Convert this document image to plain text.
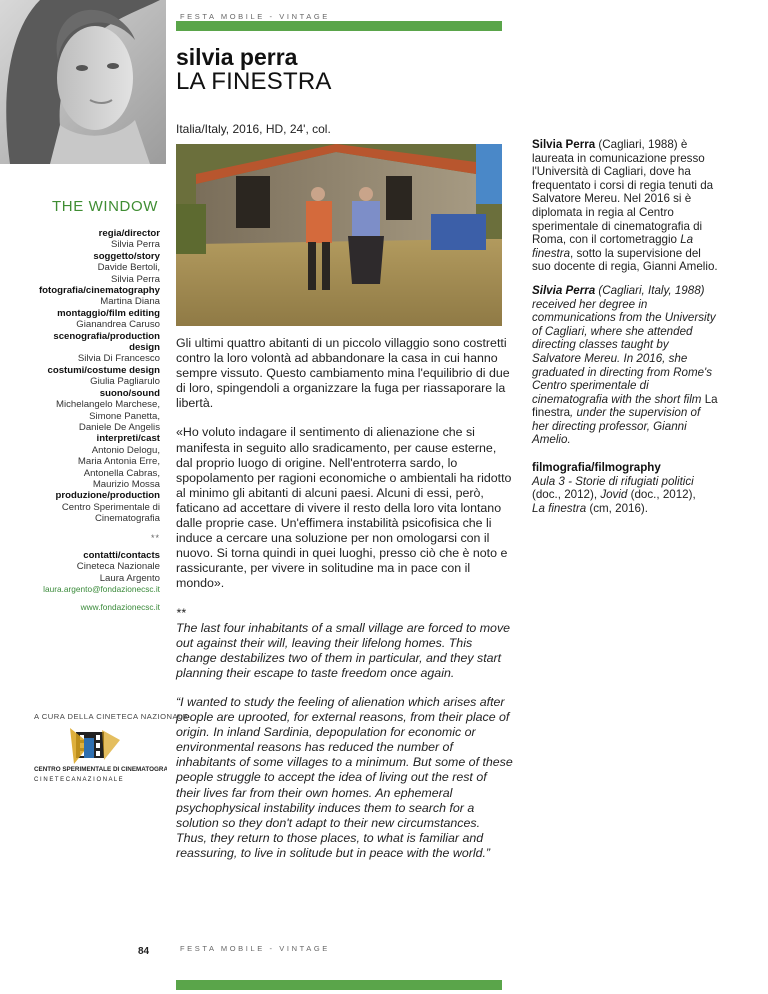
FESTA MOBILE - VINTAGE
silvia perra
LA FINESTRA
Italia/Italy, 2016, HD, 24', col.
THE WINDOW
regia/director
Silvia Perra
soggetto/story
Davide Bertoli,
Silvia Perra
fotografia/cinematography
Martina Diana
montaggio/film editing
Gianandrea Caruso
scenografia/production
design
Silvia Di Francesco
costumi/costume design
Giulia Pagliarulo
suono/sound
Michelangelo Marchese,
Simone Panetta,
Daniele De Angelis
interpreti/cast
Antonio Delogu,
Maria Antonia Erre,
Antonella Cabras,
Maurizio Mossa
produzione/production
Centro Sperimentale di
Cinematografia
**
contatti/contacts
Cineteca Nazionale
Laura Argento
laura.argento@fondazionecsc.it
www.fondazionecsc.it

Gli ultimi quattro abitanti di un piccolo villaggio sono costretti contro la loro volontà ad abbandonare la casa in cui hanno sempre vissuto. Questo cambiamento mina l'equilibrio di due di loro, spingendoli a organizzare la fuga per riassaporare la libertà.

«Ho voluto indagare il sentimento di alienazione che si manifesta in seguito allo sradicamento, per cause esterne, dal proprio luogo di origine. Nell'entroterra sardo, lo spopolamento per ragioni economiche o ambientali ha ridotto al minimo gli abitanti di alcuni paesi. Alcuni di essi, però, faticano ad accettare di vivere il resto della loro vita lontano dalle proprie case. Un'effimera instabilità psicofisica che li induce a cercare una soluzione per non omologarsi con il nuovo. Si torna quindi in quei luoghi, presso ciò che è noto e rassicurante, per vivere in solitudine ma in pace con il mondo».

**

The last four inhabitants of a small village are forced to move out against their will, leaving their lifelong homes. This change destabilizes two of them in particular, and they start planning their escape to taste freedom once again.

“I wanted to study the feeling of alienation which arises after people are uprooted, for external reasons, from their place of origin. In inland Sardinia, depopulation for economic or environmental reasons has reduced the number of inhabitants of some villages to a minimum. But some of these people struggle to accept the idea of living out the rest of their lives far from their own homes. An ephemeral psychophysical instability induces them to search for a solution so they don't adapt to their new circumstances. Thus, they return to those places, to what is familiar and reassuring, to live in solitude but in peace with the world.”

Silvia Perra (Cagliari, 1988) è laureata in comunicazione presso l'Università di Cagliari, dove ha frequentato i corsi di regia tenuti da Salvatore Mereu. Nel 2016 si è diplomata in regia al Centro sperimentale di cinematografia di Roma, con il cortometraggio La finestra, sotto la supervisione del suo docente di regia, Gianni Amelio.

Silvia Perra (Cagliari, Italy, 1988) received her degree in communications from the University of Cagliari, where she attended directing classes taught by Salvatore Mereu. In 2016, she graduated in directing from Rome's Centro sperimentale di cinematografia with the short film La finestra, under the supervision of her directing professor, Gianni Amelio.

filmografia/filmography
Aula 3 - Storie di rifugiati politici
(doc., 2012), Jovid (doc., 2012),
La finestra (cm, 2016).

A CURA DELLA CINETECA NAZIONALE
CENTRO SPERIMENTALE DI CINEMATOGRAFIA
C I N E T E C A N A Z I O N A L E
84	FESTA MOBILE - VINTAGE
